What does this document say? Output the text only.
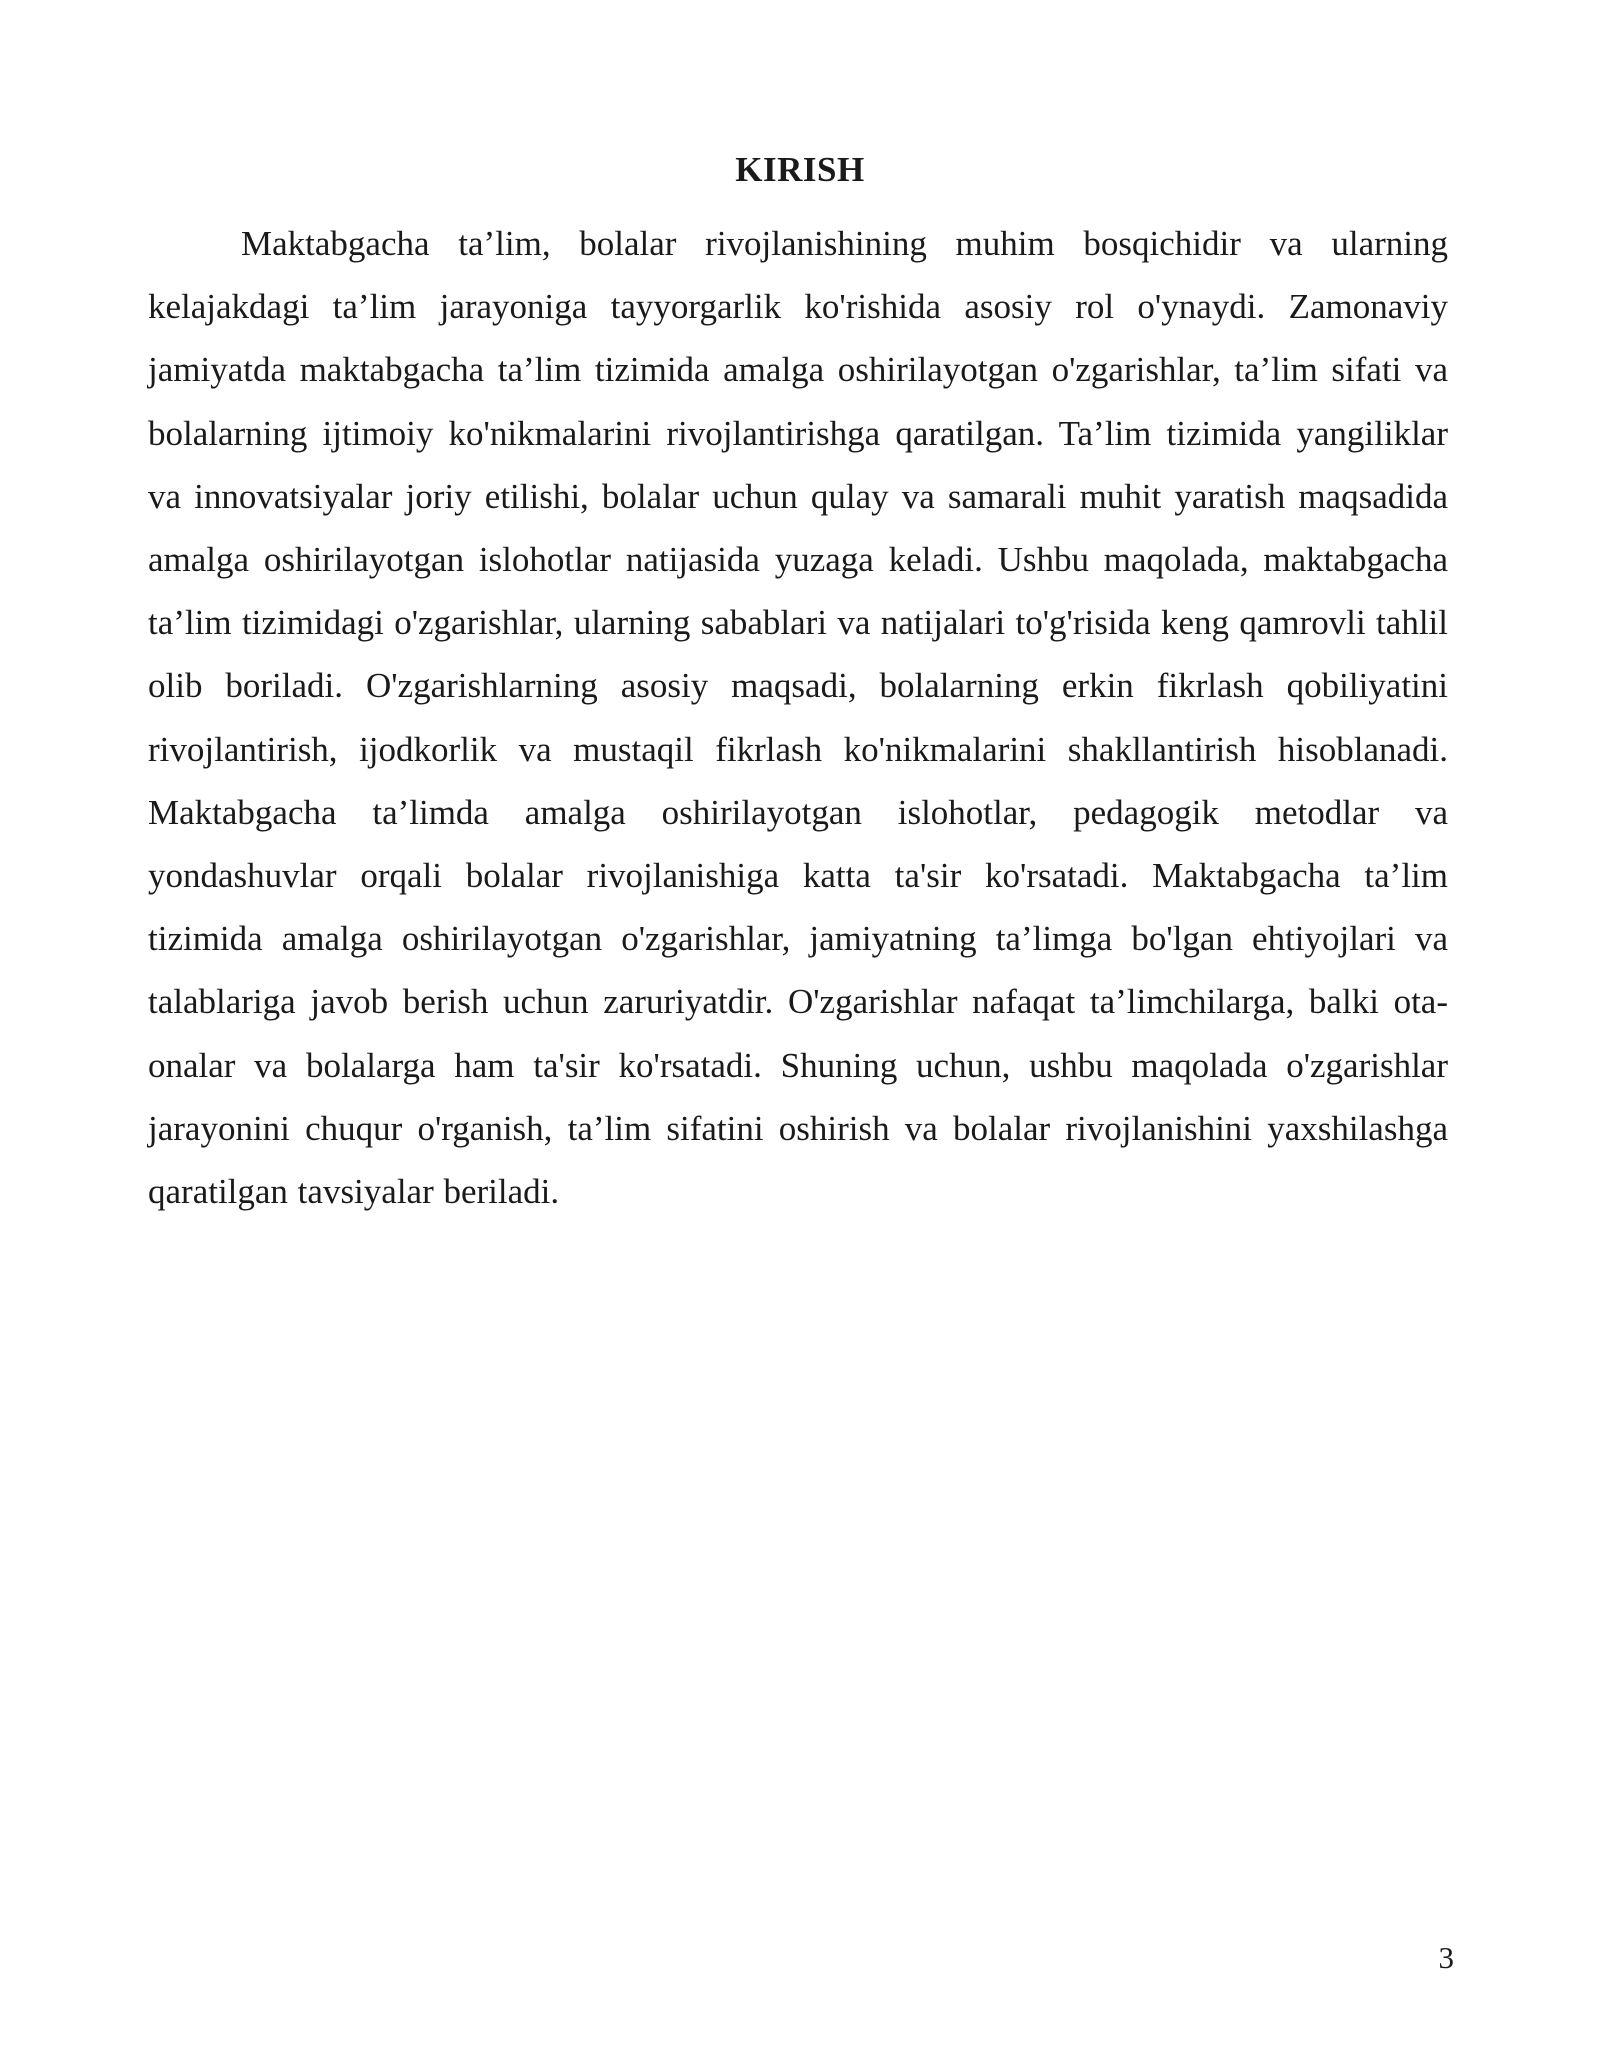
KIRISH

Maktabgacha ta’lim, bolalar rivojlanishining muhim bosqichidir va ularning kelajakdagi ta’lim jarayoniga tayyorgarlik ko'rishida asosiy rol o'ynaydi. Zamonaviy jamiyatda maktabgacha ta’lim tizimida amalga oshirilayotgan o'zgarishlar, ta’lim sifati va bolalarning ijtimoiy ko'nikmalarini rivojlantirishga qaratilgan. Ta’lim tizimida yangiliklar va innovatsiyalar joriy etilishi, bolalar uchun qulay va samarali muhit yaratish maqsadida amalga oshirilayotgan islohotlar natijasida yuzaga keladi. Ushbu maqolada, maktabgacha ta’lim tizimidagi o'zgarishlar, ularning sabablari va natijalari to'g'risida keng qamrovli tahlil olib boriladi. O'zgarishlarning asosiy maqsadi, bolalarning erkin fikrlash qobiliyatini rivojlantirish, ijodkorlik va mustaqil fikrlash ko'nikmalarini shakllantirish hisoblanadi. Maktabgacha ta’limda amalga oshirilayotgan islohotlar, pedagogik metodlar va yondashuvlar orqali bolalar rivojlanishiga katta ta'sir ko'rsatadi. Maktabgacha ta’lim tizimida amalga oshirilayotgan o'zgarishlar, jamiyatning ta’limga bo'lgan ehtiyojlari va talablariga javob berish uchun zaruriyatdir. O'zgarishlar nafaqat ta’limchilarga, balki ota-onalar va bolalarga ham ta'sir ko'rsatadi. Shuning uchun, ushbu maqolada o'zgarishlar jarayonini chuqur o'rganish, ta’lim sifatini oshirish va bolalar rivojlanishini yaxshilashga qaratilgan tavsiyalar beriladi.

3
